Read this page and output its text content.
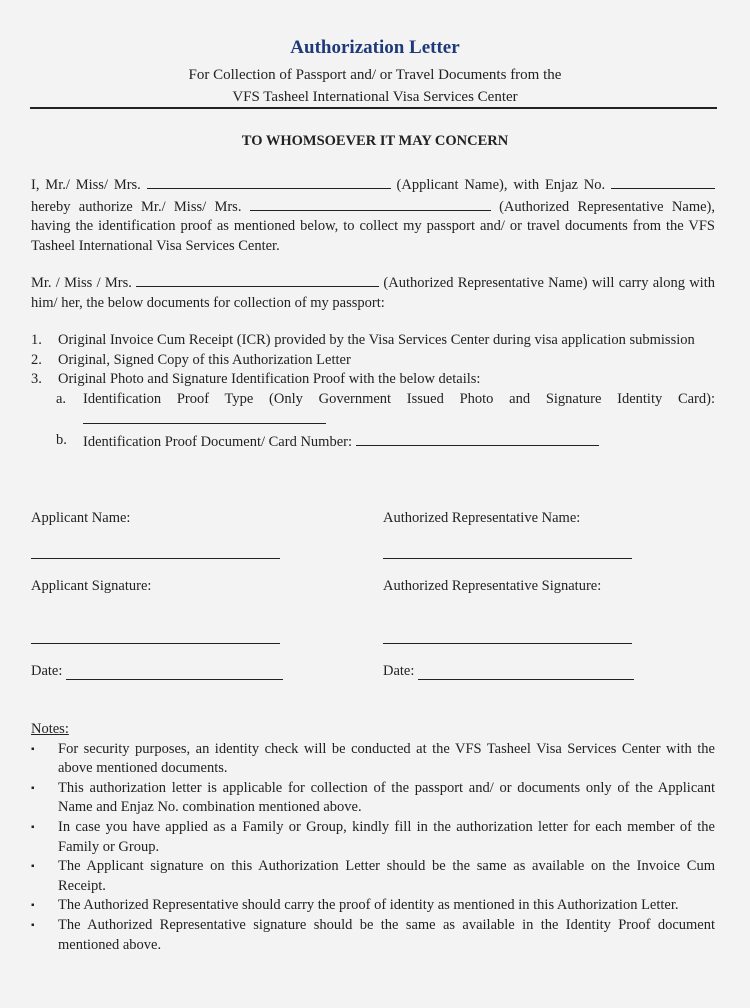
Authorization Letter
For Collection of Passport and/ or Travel Documents from the
VFS Tasheel International Visa Services Center
TO WHOMSOEVER IT MAY CONCERN
I, Mr./ Miss/ Mrs.	(Applicant Name), with Enjaz No.  hereby authorize Mr./ Miss/ Mrs.	(Authorized Representative Name), having the identification proof as mentioned below, to collect my passport and/ or travel documents from the VFS Tasheel International Visa Services Center.
Mr. / Miss / Mrs.	(Authorized Representative Name) will carry along with him/ her, the below documents for collection of my passport:
1. Original Invoice Cum Receipt (ICR) provided by the Visa Services Center during visa application submission
2. Original, Signed Copy of this Authorization Letter
3. Original Photo and Signature Identification Proof with the below details:
a. Identification Proof Type (Only Government Issued Photo and Signature Identity Card):
b. Identification Proof Document/ Card Number:
Applicant Name:	Authorized Representative Name:
Applicant Signature:	Authorized Representative Signature:
Date:	Date:
Notes:
▪ For security purposes, an identity check will be conducted at the VFS Tasheel Visa Services Center with the above mentioned documents.
▪ This authorization letter is applicable for collection of the passport and/ or documents only of the Applicant Name and Enjaz No. combination mentioned above.
▪ In case you have applied as a Family or Group, kindly fill in the authorization letter for each member of the Family or Group.
▪ The Applicant signature on this Authorization Letter should be the same as available on the Invoice Cum Receipt.
▪ The Authorized Representative should carry the proof of identity as mentioned in this Authorization Letter.
▪ The Authorized Representative signature should be the same as available in the Identity Proof document mentioned above.
